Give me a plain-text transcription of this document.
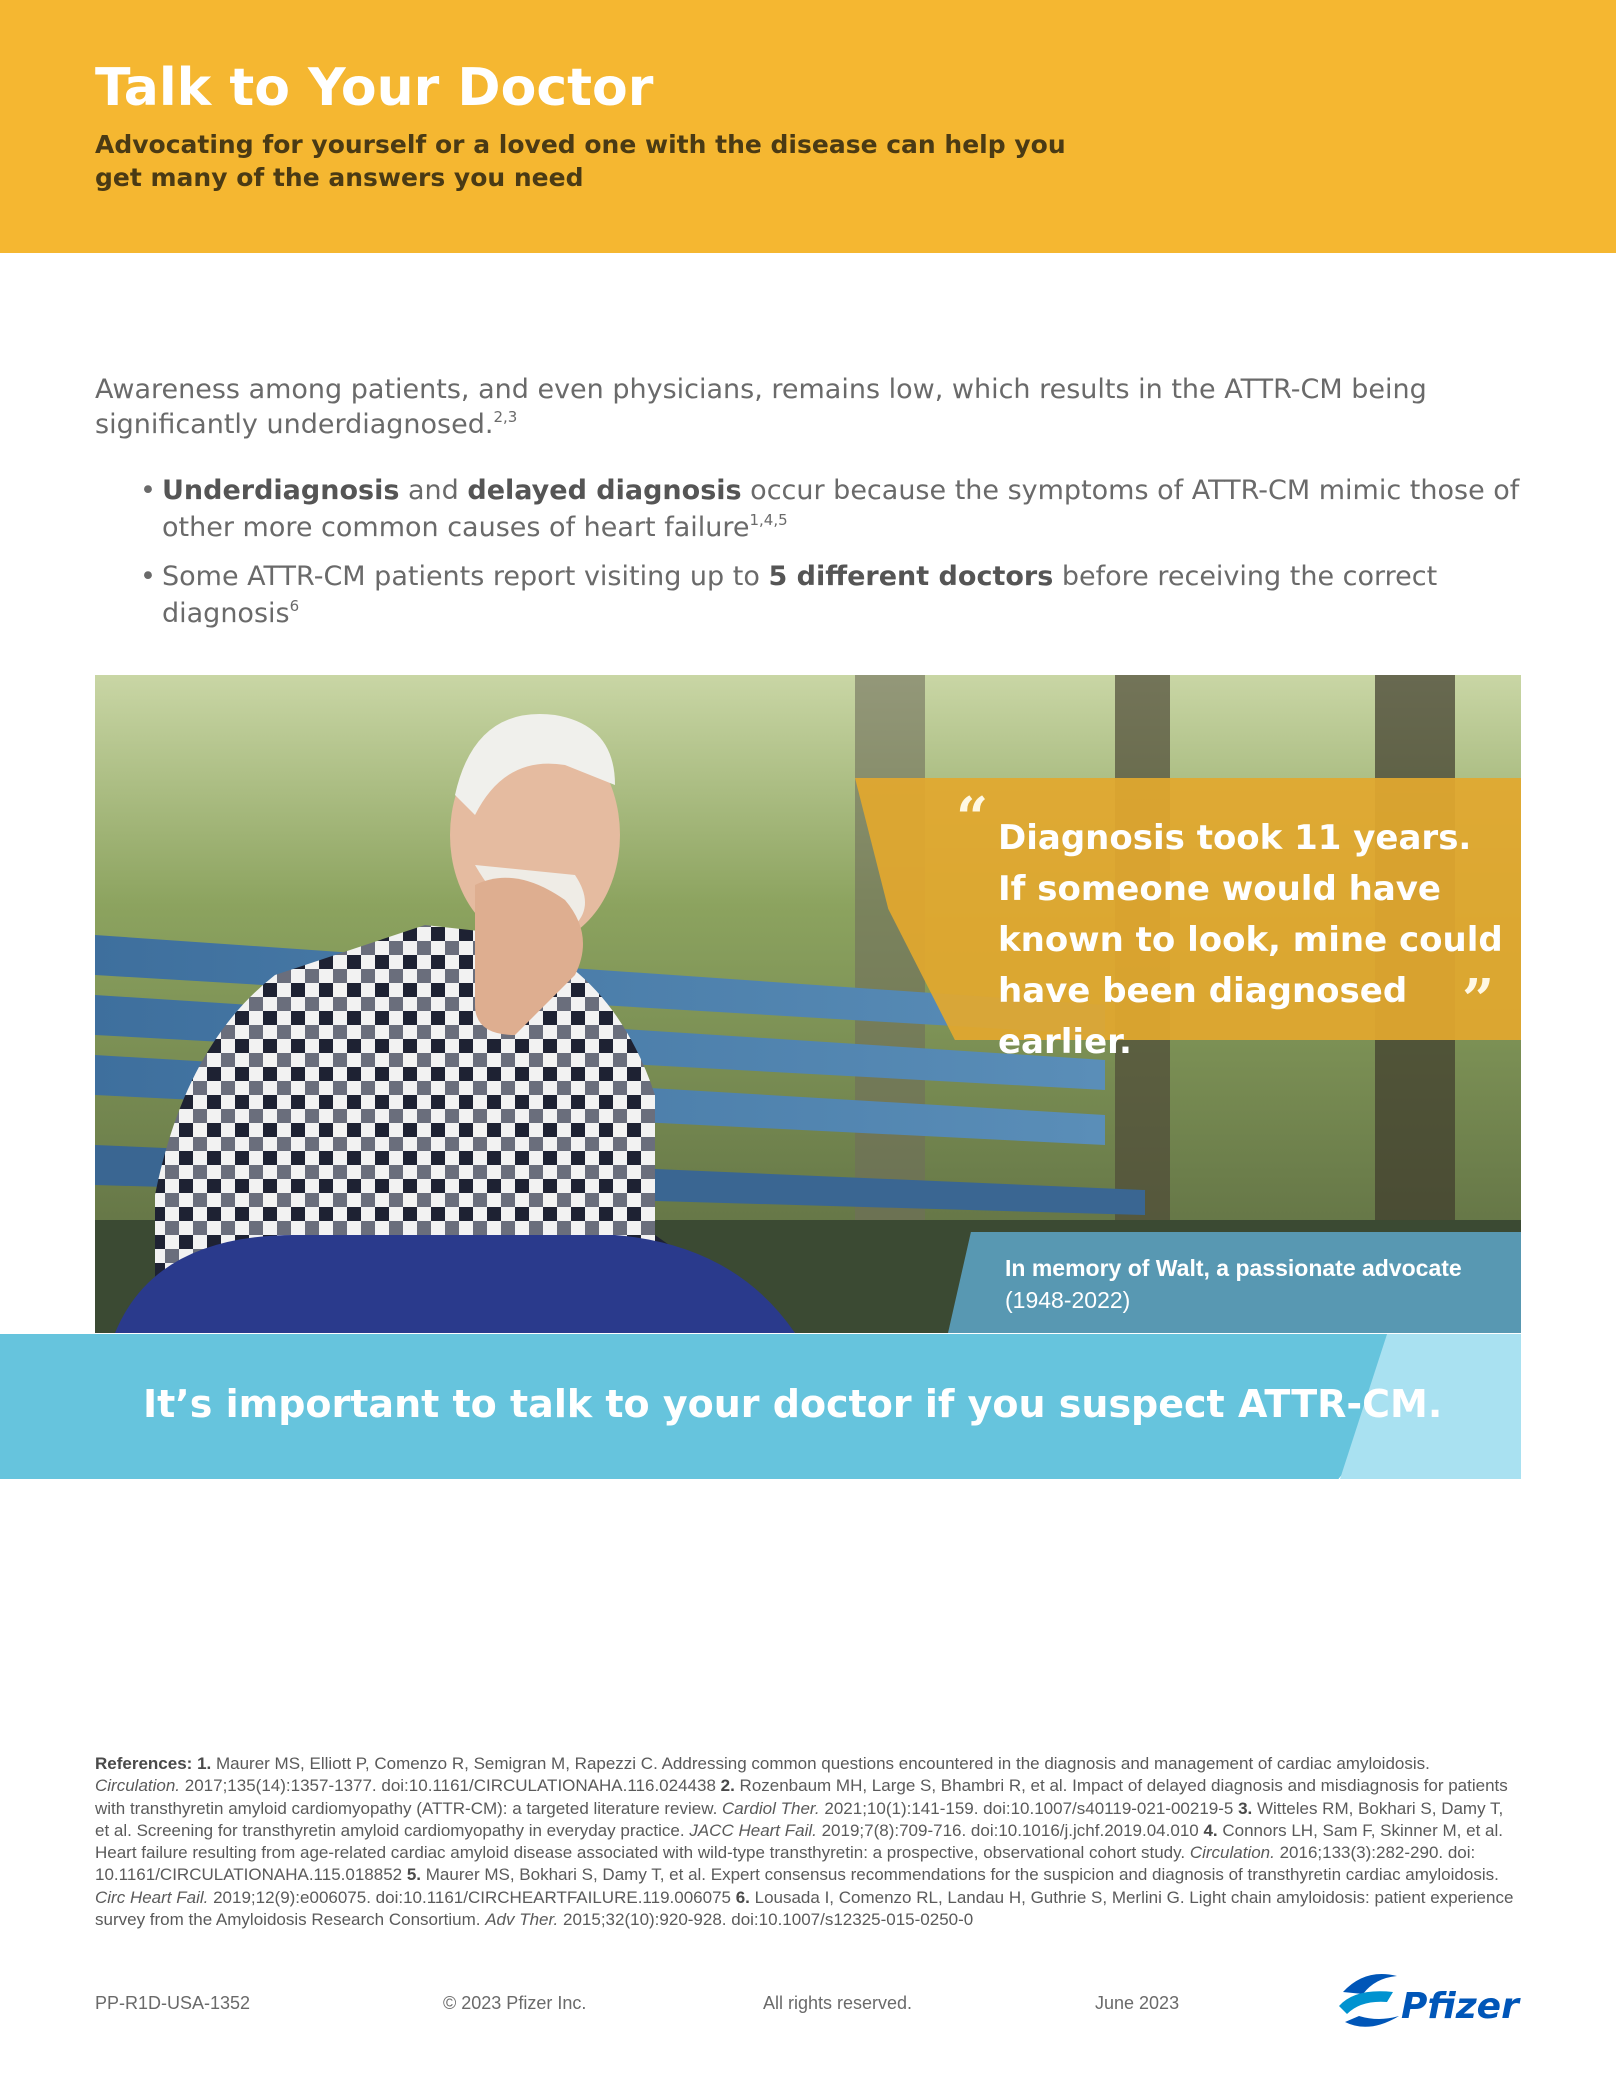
Talk to Your Doctor

Advocating for yourself or a loved one with the disease can help you get many of the answers you need

Awareness among patients, and even physicians, remains low, which results in the ATTR-CM being significantly underdiagnosed.$^{2,3}$

• Underdiagnosis and delayed diagnosis occur because the symptoms of ATTR-CM mimic those of other more common causes of heart failure$^{1,4,5}$
• Some ATTR-CM patients report visiting up to 5 different doctors before receiving the correct diagnosis$^6$
“ Diagnosis took 11 years. If someone would have known to look, mine could have been diagnosed earlier.

”

In memory of Walt, a passionate advocate

(1948-2022)

It’s important to talk to your doctor if you suspect ATTR-CM.

References: 1. Maurer MS, Elliott P, Comenzo R, Semigran M, Rapezzi C. Addressing common questions encountered in the diagnosis and management of cardiac amyloidosis. Circulation. 2017;135(14):1357-1377. doi:10.1161/CIRCULATIONAHA.116.024438 2. Rozenbaum MH, Large S, Bhambri R, et al. Impact of delayed diagnosis and misdiagnosis for patients with transthyretin amyloid cardiomyopathy (ATTR-CM): a targeted literature review. Cardiol Ther. 2021;10(1):141-159. doi:10.1007/s40119-021-00219-5 3. Witteles RM, Bokhari S, Damy T, et al. Screening for transthyretin amyloid cardiomyopathy in everyday practice. JACC Heart Fail. 2019;7(8):709-716. doi:10.1016/j.jchf.2019.04.010 4. Connors LH, Sam F, Skinner M, et al. Heart failure resulting from age-related cardiac amyloid disease associated with wild-type transthyretin: a prospective, observational cohort study. Circulation. 2016;133(3):282-290. doi: 10.1161/CIRCULATIONAHA.115.018852 5. Maurer MS, Bokhari S, Damy T, et al. Expert consensus recommendations for the suspicion and diagnosis of transthyretin cardiac amyloidosis. Circ Heart Fail. 2019;12(9):e006075. doi:10.1161/CIRCHEARTFAILURE.119.006075 6. Lousada I, Comenzo RL, Landau H, Guthrie S, Merlini G. Light chain amyloidosis: patient experience survey from the Amyloidosis Research Consortium. Adv Ther. 2015;32(10):920-928. doi:10.1007/s12325-015-0250-0

PP-R1D-USA-1352	© 2023 Pfizer Inc.	All rights reserved.	June 2023	Pfizer
